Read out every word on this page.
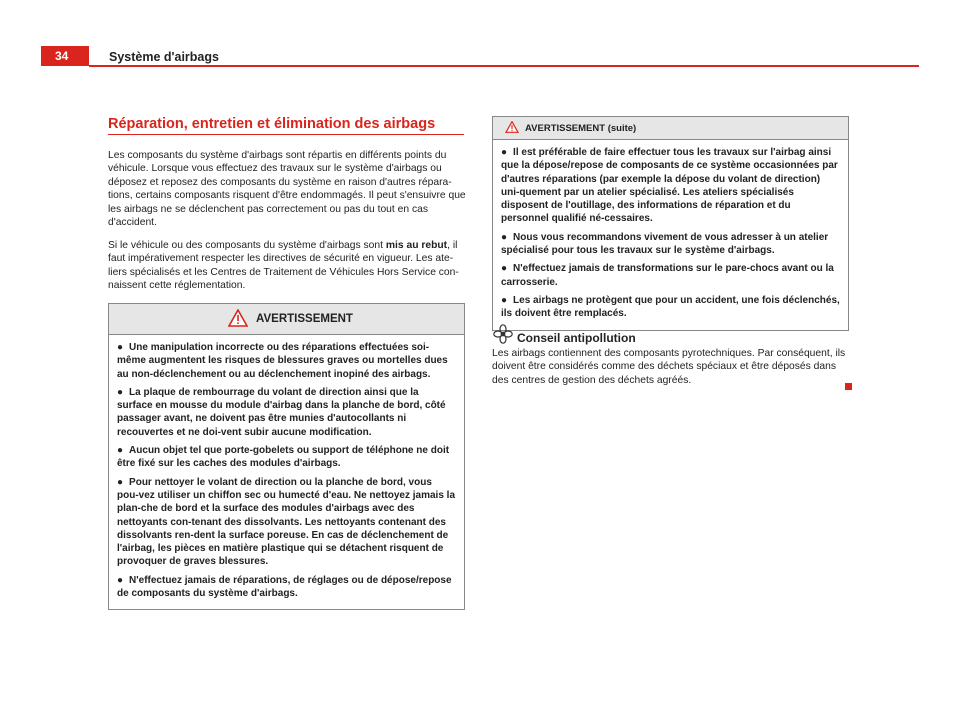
34	Système d'airbags
Réparation, entretien et élimination des airbags

Les composants du système d'airbags sont répartis en différents points du véhicule. Lorsque vous effectuez des travaux sur le système d'airbags ou déposez et reposez des composants du système en raison d'autres répara-tions, certains composants risquent d'être endommagés. Il peut s'ensuivre que les airbags ne se déclenchent pas correctement ou pas du tout en cas d'accident.

Si le véhicule ou des composants du système d'airbags sont mis au rebut, il faut impérativement respecter les directives de sécurité en vigueur. Les ate-liers spécialisés et les Centres de Traitement de Véhicules Hors Service con-naissent cette réglementation.

AVERTISSEMENT

● Une manipulation incorrecte ou des réparations effectuées soi-même augmentent les risques de blessures graves ou mortelles dues au non-déclenchement ou au déclenchement inopiné des airbags.

● La plaque de rembourrage du volant de direction ainsi que la surface en mousse du module d'airbag dans la planche de bord, côté passager avant, ne doivent pas être munies d'autocollants ni recouvertes et ne doi-vent subir aucune modification.

● Aucun objet tel que porte-gobelets ou support de téléphone ne doit être fixé sur les caches des modules d'airbags.

● Pour nettoyer le volant de direction ou la planche de bord, vous pou-vez utiliser un chiffon sec ou humecté d'eau. Ne nettoyez jamais la plan-che de bord et la surface des modules d'airbags avec des nettoyants con-tenant des dissolvants. Les nettoyants contenant des dissolvants ren-dent la surface poreuse. En cas de déclenchement de l'airbag, les pièces en matière plastique qui se détachent risquent de provoquer de graves blessures.

● N'effectuez jamais de réparations, de réglages ou de dépose/repose de composants du système d'airbags.

AVERTISSEMENT (suite)

● Il est préférable de faire effectuer tous les travaux sur l'airbag ainsi que la dépose/repose de composants de ce système occasionnées par d'autres réparations (par exemple la dépose du volant de direction) uni-quement par un atelier spécialisé. Les ateliers spécialisés disposent de l'outillage, des informations de réparation et du personnel qualifié né-cessaires.

● Nous vous recommandons vivement de vous adresser à un atelier spécialisé pour tous les travaux sur le système d'airbags.

● N'effectuez jamais de transformations sur le pare-chocs avant ou la carrosserie.

● Les airbags ne protègent que pour un accident, une fois déclenchés, ils doivent être remplacés.

Conseil antipollution

Les airbags contiennent des composants pyrotechniques. Par conséquent, ils doivent être considérés comme des déchets spéciaux et être déposés dans des centres de gestion des déchets agréés.
